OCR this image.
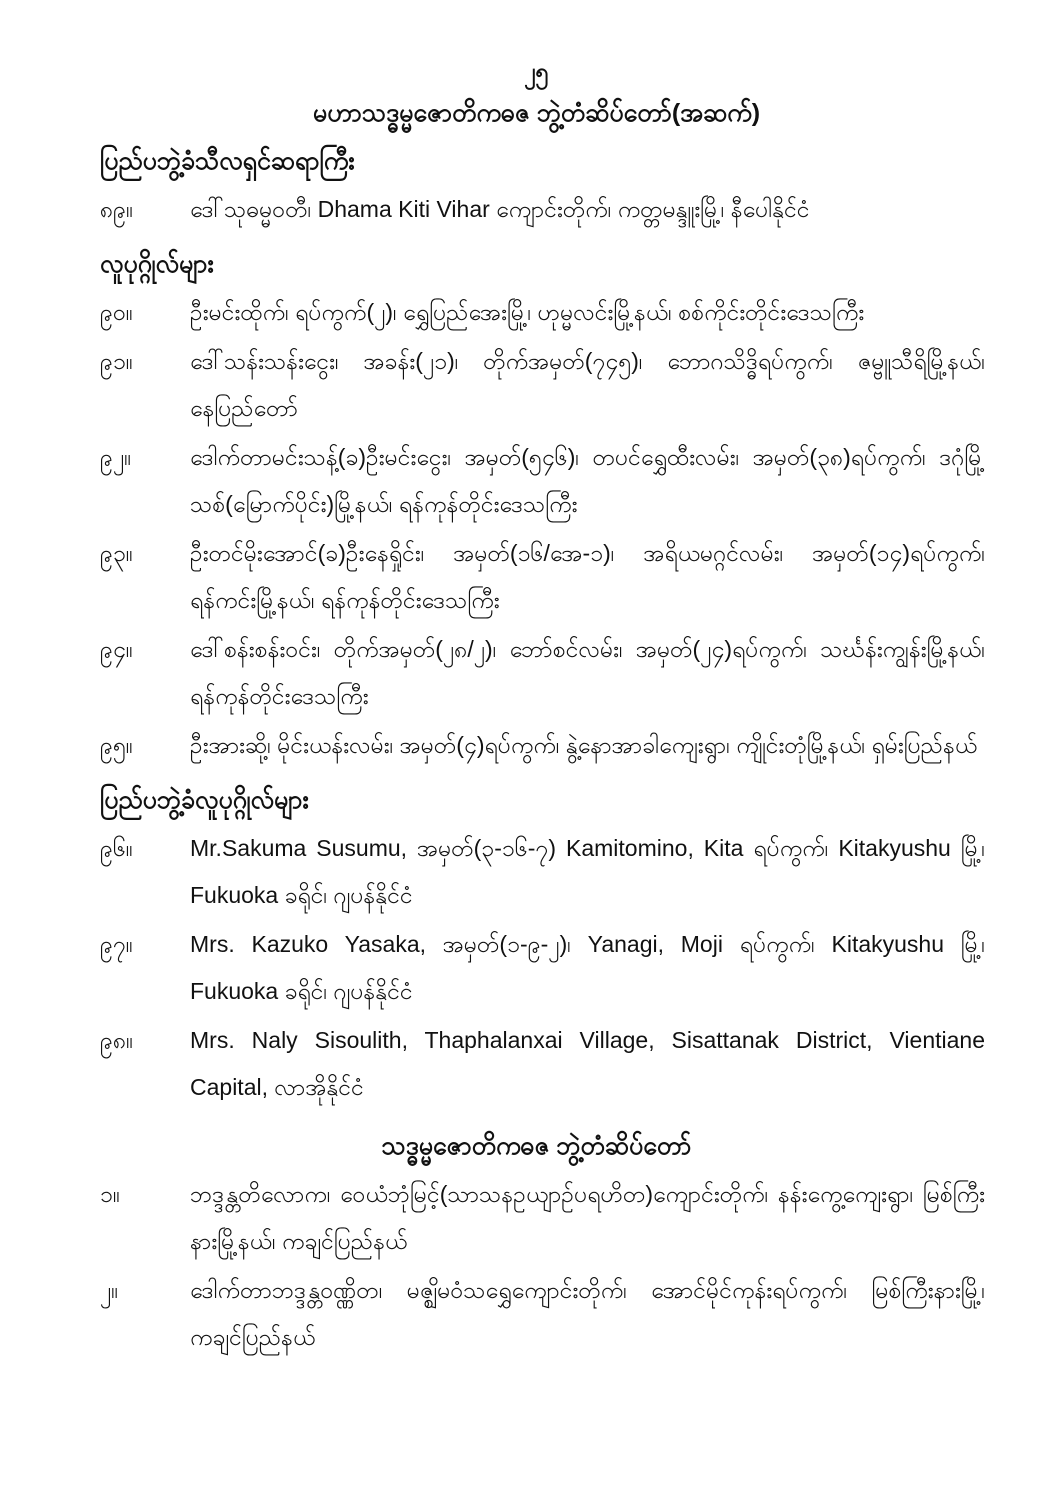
၂၅
မဟာသဒ္ဓမ္မဇောတိကဓဇ ဘွဲ့တံဆိပ်တော်(အဆက်)
ပြည်ပဘွဲ့ခံသီလရှင်ဆရာကြီး
၈၉။ ဒေါ်သုဓမ္မဝတီ၊ Dhama Kiti Vihar ကျောင်းတိုက်၊ ကတ္တမန္ဒူးမြို့၊ နီပေါနိုင်ငံ
လူပုဂ္ဂိုလ်များ
၉၀။ ဦးမင်းထိုက်၊ ရပ်ကွက်(၂)၊ ရွှေပြည်အေးမြို့၊ ဟုမ္မလင်းမြို့နယ်၊ စစ်ကိုင်းတိုင်းဒေသကြီး
၉၁။ ဒေါ်သန်းသန်းငွေး၊ အခန်း(၂၁)၊ တိုက်အမှတ်(၇၄၅)၊ ဘောဂသိဒ္ဓိရပ်ကွက်၊ ဇမ္ဗူသီရိမြို့နယ်၊ နေပြည်တော်
၉၂။	ဒေါက်တာမင်းသန့်(ခ)ဦးမင်းငွေး၊ အမှတ်(၅၄၆)၊ တပင်ရွှေထီးလမ်း၊ အမှတ်(၃၈)ရပ်ကွက်၊ ဒဂုံမြို့သစ်(မြောက်ပိုင်း)မြို့နယ်၊ ရန်ကုန်တိုင်းဒေသကြီး
၉၃။ ဦးတင်မိုးအောင်(ခ)ဦးနေရှိုင်း၊ အမှတ်(၁၆/အေ-၁)၊ အရိယမဂ္ဂင်လမ်း၊ အမှတ်(၁၄)ရပ်ကွက်၊ ရန်ကင်းမြို့နယ်၊ ရန်ကုန်တိုင်းဒေသကြီး
၉၄။ ဒေါ်စန်းစန်းဝင်း၊ တိုက်အမှတ်(၂၈/၂)၊ ဘော်စင်လမ်း၊ အမှတ်(၂၄)ရပ်ကွက်၊ သင်္ဃန်းကျွန်းမြို့နယ်၊ ရန်ကုန်တိုင်းဒေသကြီး
၉၅။ ဦးအားဆို့၊ မိုင်းယန်းလမ်း၊ အမှတ်(၄)ရပ်ကွက်၊ နွဲ့နောအာခါကျေးရွာ၊ ကျိုင်းတုံမြို့နယ်၊ ရှမ်းပြည်နယ်
ပြည်ပဘွဲ့ခံလူပုဂ္ဂိုလ်များ
၉၆။ Mr.Sakuma Susumu, အမှတ်(၃-၁၆-၇) Kamitomino, Kita ရပ်ကွက်၊ Kitakyushu မြို့၊ Fukuoka ခရိုင်၊ ဂျပန်နိုင်ငံ
၉၇။ Mrs. Kazuko Yasaka, အမှတ်(၁-၉-၂)၊ Yanagi, Moji ရပ်ကွက်၊ Kitakyushu မြို့၊ Fukuoka ခရိုင်၊ ဂျပန်နိုင်ငံ
၉၈။ Mrs. Naly Sisoulith, Thaphalanxai Village, Sisattanak District, Vientiane Capital, လာအိုနိုင်ငံ
သဒ္ဓမ္မဇောတိကဓဇ ဘွဲ့တံဆိပ်တော်
၁။	ဘဒ္ဒန္တတိလောက၊ ဝေယံဘုံမြင့်(သာသနဥယျာဉ်ပရဟိတ)ကျောင်းတိုက်၊ နန်းကွေ့ကျေးရွာ၊ မြစ်ကြီးနားမြို့နယ်၊ ကချင်ပြည်နယ်
၂။	ဒေါက်တာဘဒ္ဒန္တဝဏ္ဏိတ၊ မဇ္ဈိမဝံသရွှေကျောင်းတိုက်၊ အောင်မိုင်ကုန်းရပ်ကွက်၊ မြစ်ကြီးနားမြို့၊ ကချင်ပြည်နယ်
